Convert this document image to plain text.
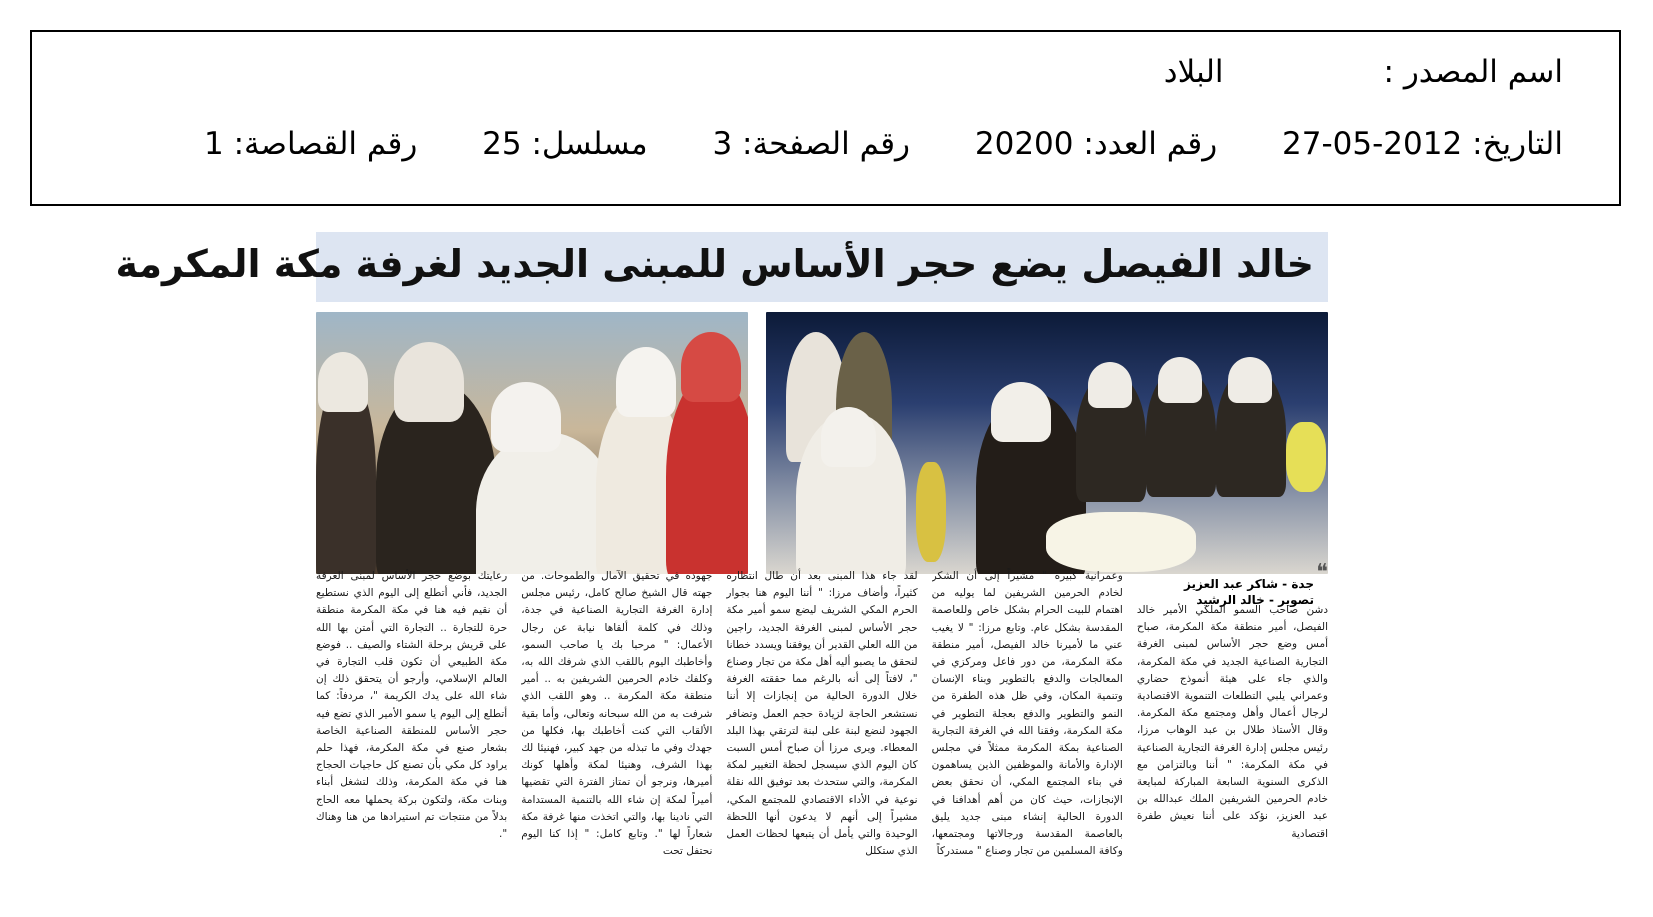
اسم المصدر :البلاد
التاريخ: 27-05-2012 رقم العدد: 20200 رقم الصفحة: 3 مسلسل: 25 رقم القصاصة: 1
خالد الفيصل يضع حجر الأساس للمبنى الجديد لغرفة مكة المكرمة
❝
جدة - شاكر عبد العزيز
تصوير - خالد الرشيد
دشن صاحب السمو الملكي الأمير خالد الفيصل، أمير منطقة مكة المكرمة، صباح أمس وضع حجر الأساس لمبنى الغرفة التجارية الصناعية الجديد في مكة المكرمة، والذي جاء على هيئة أنموذج حضاري وعمراني يلبي التطلعات التنموية الاقتصادية لرجال أعمال وأهل ومجتمع مكة المكرمة. وقال الأستاذ طلال بن عبد الوهاب مرزا، رئيس مجلس إدارة الغرفة التجارية الصناعية في مكة المكرمة: " أننا وبالتزامن مع الذكرى السنوية السابعة المباركة لمبايعة خادم الحرمين الشريفين الملك عبدالله بن عبد العزيز، نؤكد على أننا نعيش طفرة اقتصادية
وعمرانية كبيرة " مشيراً إلى أن الشكر لخادم الحرمين الشريفين لما يوليه من اهتمام للبيت الحرام بشكل خاص وللعاصمة المقدسة بشكل عام. وتابع مرزا: " لا يغيب عني ما لأميرنا خالد الفيصل، أمير منطقة مكة المكرمة، من دور فاعل ومركزي في المعالجات والدفع بالتطوير وبناء الإنسان وتنمية المكان، وفي ظل هذه الطفرة من النمو والتطوير والدفع بعجلة التطوير في مكة المكرمة، وفقنا الله في الغرفة التجارية الصناعية بمكة المكرمة ممثلاً في مجلس الإدارة والأمانة والموظفين الذين يساهمون في بناء المجتمع المكي، أن نحقق بعض الإنجازات، حيث كان من أهم أهدافنا في الدورة الحالية إنشاء مبنى جديد يليق بالعاصمة المقدسة ورجالاتها ومجتمعها، وكافة المسلمين من تجار وصناع " مستدركاً
لقد جاء هذا المبنى بعد أن طال انتظاره كثيراً، وأضاف مرزا: " أننا اليوم هنا بجوار الحرم المكي الشريف ليضع سمو أمير مكة حجر الأساس لمبنى الغرفة الجديد، راجين من الله العلي القدير أن يوفقنا ويسدد خطانا لنحقق ما يصبو أليه أهل مكة من تجار وصناع "، لافتاً إلى أنه بالرغم مما حققته الغرفة خلال الدورة الحالية من إنجازات إلا أننا نستشعر الحاجة لزيادة حجم العمل وتضافر الجهود لنضع لبنة على لبنة لترتقي بهذا البلد المعطاء. ويرى مرزا أن صباح أمس السبت كان اليوم الذي سيسجل لحظة التغيير لمكة المكرمة، والتي ستحدث بعد توفيق الله نقلة نوعية في الأداء الاقتصادي للمجتمع المكي، مشيراً إلى أنهم لا يدعون أنها اللحظة الوحيدة والتي يأمل أن يتبعها لحظات العمل الذي ستكلل
جهوده في تحقيق الآمال والطموحات. من جهته قال الشيخ صالح كامل، رئيس مجلس إدارة الغرفة التجارية الصناعية في جدة، وذلك في كلمة ألقاها نيابة عن رجال الأعمال: " مرحبا بك يا صاحب السمو، وأخاطبك اليوم باللقب الذي شرفك الله به، وكلفك خادم الحرمين الشريفين به .. أمير منطقة مكة المكرمة .. وهو اللقب الذي شرفت به من الله سبحانه وتعالى، وأما بقية الألقاب التي كنت أخاطبك بها، فكلها من جهدك وفي ما تبذله من جهد كبير، فهنيئا لك بهذا الشرف، وهنيئا لمكة وأهلها كونك أميرها، ونرجو أن تمتاز الفترة التي تقضيها أميراً لمكة إن شاء الله بالتنمية المستدامة التي نادينا بها، والتي اتخذت منها غرفة مكة شعاراً لها ". وتابع كامل: " إذا كنا اليوم نحتفل تحت
رعايتك بوضع حجر الأساس لمبنى الغرفة الجديد، فأني أتطلع إلى اليوم الذي نستطيع أن نقيم فيه هنا في مكة المكرمة منطقة حرة للتجارة .. التجارة التي أمتن بها الله على قريش برحلة الشتاء والصيف .. فوضع مكة الطبيعي أن تكون قلب التجارة في العالم الإسلامي، وأرجو أن يتحقق ذلك إن شاء الله على يدك الكريمة "، مردفاً: كما أتطلع إلى اليوم يا سمو الأمير الذي تضع فيه حجر الأساس للمنطقة الصناعية الخاصة بشعار صنع في مكة المكرمة، فهذا حلم يراود كل مكي بأن تصنع كل حاجيات الحجاج هنا في مكة المكرمة، وذلك لتشغل أبناء وبنات مكة، ولتكون بركة يحملها معه الحاج بدلاً من منتجات تم استيرادها من هنا وهناك ".
